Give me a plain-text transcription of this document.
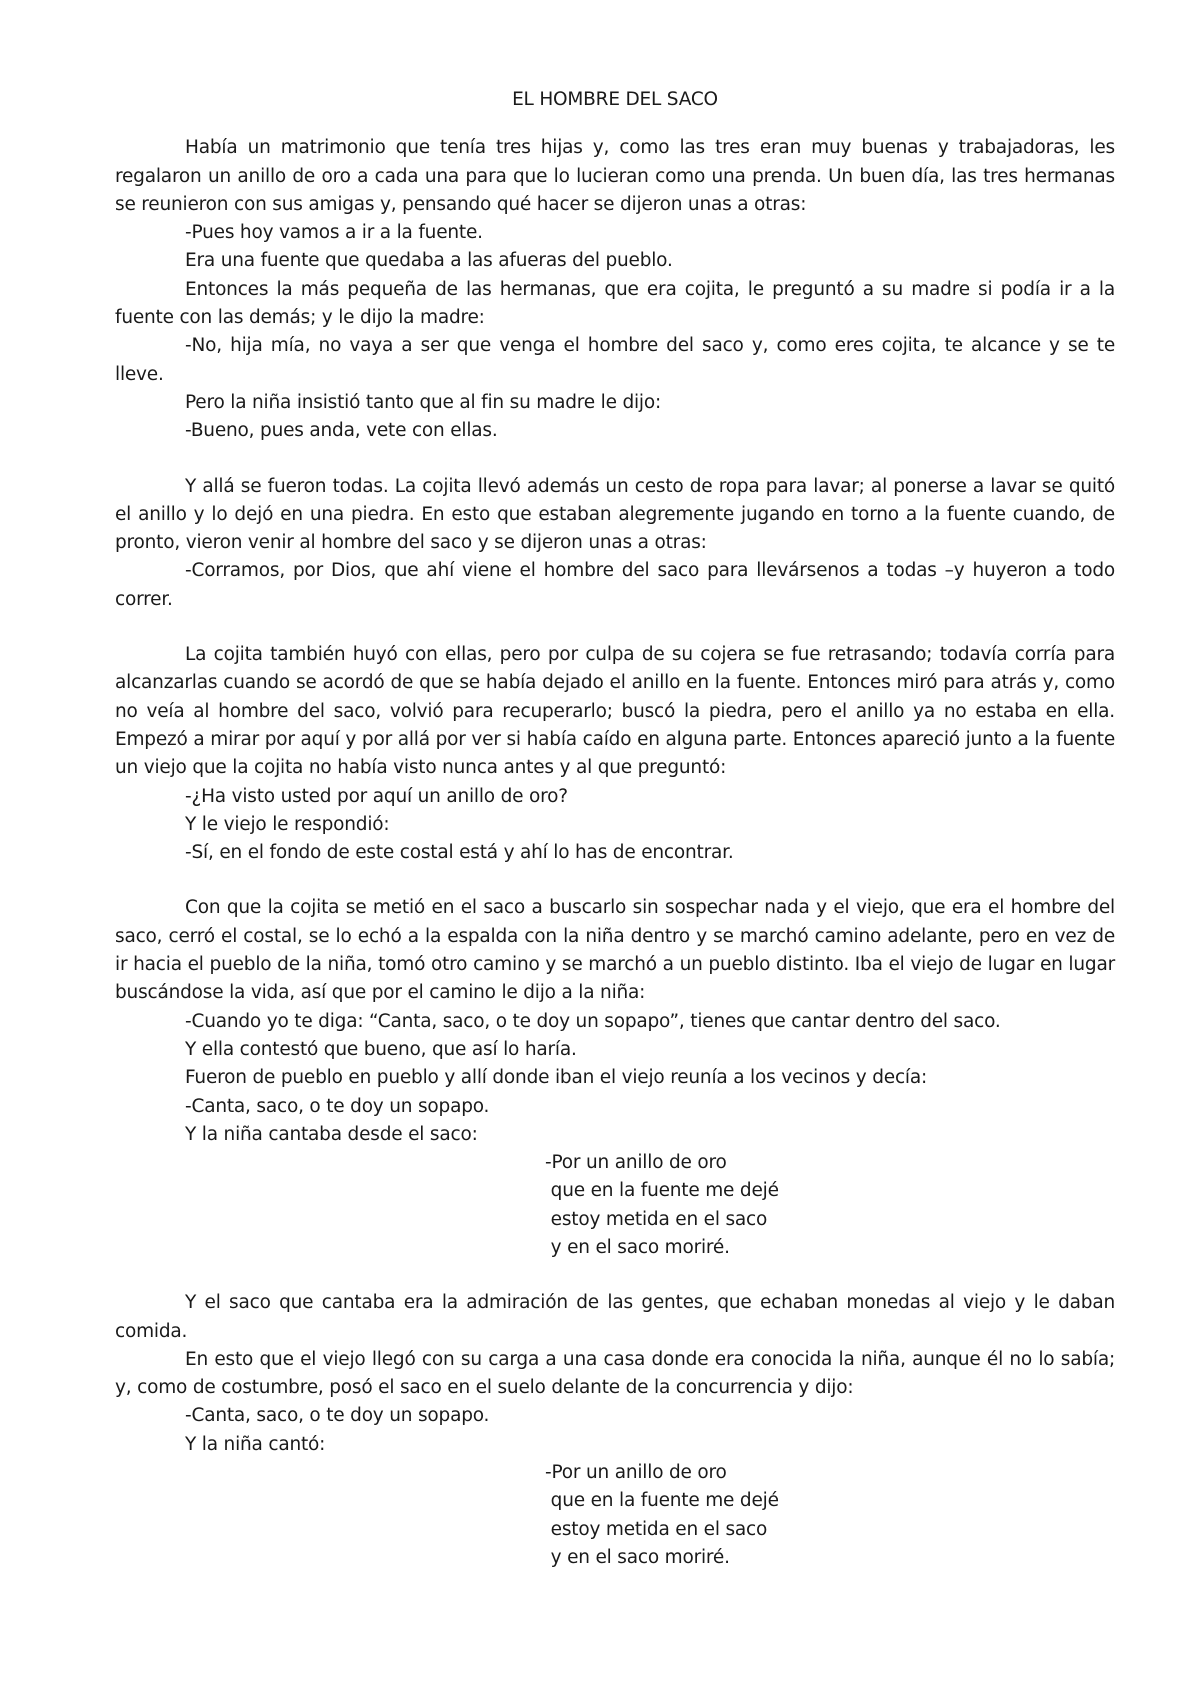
EL HOMBRE DEL SACO

Había un matrimonio que tenía tres hijas y, como las tres eran muy buenas y trabajadoras, les regalaron un anillo de oro a cada una para que lo lucieran como una prenda. Un buen día, las tres hermanas se reunieron con sus amigas y, pensando qué hacer se dijeron unas a otras:

-Pues hoy vamos a ir a la fuente.

Era una fuente que quedaba a las afueras del pueblo.

Entonces la más pequeña de las hermanas, que era cojita, le preguntó a su madre si podía ir a la fuente con las demás; y le dijo la madre:

-No, hija mía, no vaya a ser que venga el hombre del saco y, como eres cojita, te alcance y se te lleve.

Pero la niña insistió tanto que al fin su madre le dijo:

-Bueno, pues anda, vete con ellas.

Y allá se fueron todas. La cojita llevó además un cesto de ropa para lavar; al ponerse a lavar se quitó el anillo y lo dejó en una piedra. En esto que estaban alegremente jugando en torno a la fuente cuando, de pronto, vieron venir al hombre del saco y se dijeron unas a otras:

-Corramos, por Dios, que ahí viene el hombre del saco para llevársenos a todas –y huyeron a todo correr.

La cojita también huyó con ellas, pero por culpa de su cojera se fue retrasando; todavía corría para alcanzarlas cuando se acordó de que se había dejado el anillo en la fuente. Entonces miró para atrás y, como no veía al hombre del saco, volvió para recuperarlo; buscó la piedra, pero el anillo ya no estaba en ella. Empezó a mirar por aquí y por allá por ver si había caído en alguna parte. Entonces apareció junto a la fuente un viejo que la cojita no había visto nunca antes y al que preguntó:

-¿Ha visto usted por aquí un anillo de oro?

Y le viejo le respondió:

-Sí, en el fondo de este costal está y ahí lo has de encontrar.

Con que la cojita se metió en el saco a buscarlo sin sospechar nada y el viejo, que era el hombre del saco, cerró el costal, se lo echó a la espalda con la niña dentro y se marchó camino adelante, pero en vez de ir hacia el pueblo de la niña, tomó otro camino y se marchó a un pueblo distinto. Iba el viejo de lugar en lugar buscándose la vida, así que por el camino le dijo a la niña:

-Cuando yo te diga: “Canta, saco, o te doy un sopapo”, tienes que cantar dentro del saco.

Y ella contestó que bueno, que así lo haría.

Fueron de pueblo en pueblo y allí donde iban el viejo reunía a los vecinos y decía:

-Canta, saco, o te doy un sopapo.

Y la niña cantaba desde el saco:

-Por un anillo de oro
que en la fuente me dejé
estoy metida en el saco
y en el saco moriré.

Y el saco que cantaba era la admiración de las gentes, que echaban monedas al viejo y le daban comida.

En esto que el viejo llegó con su carga a una casa donde era conocida la niña, aunque él no lo sabía; y, como de costumbre, posó el saco en el suelo delante de la concurrencia y dijo:

-Canta, saco, o te doy un sopapo.

Y la niña cantó:

-Por un anillo de oro
que en la fuente me dejé
estoy metida en el saco
y en el saco moriré.
